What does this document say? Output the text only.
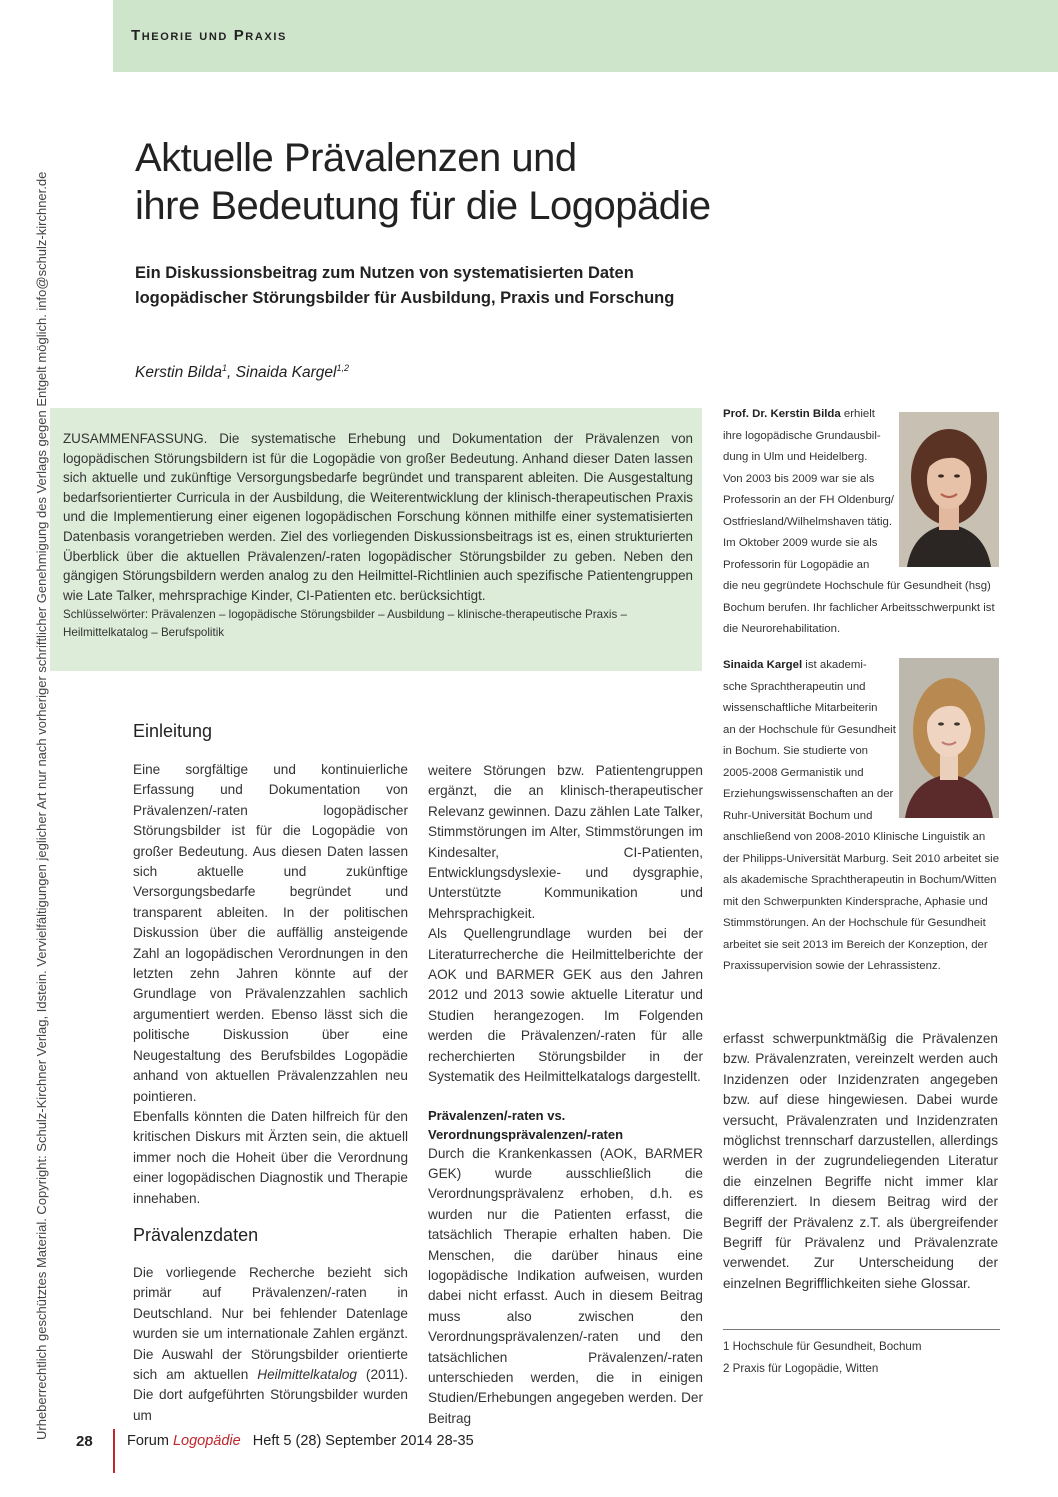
Theorie und Praxis
Urheberrechtlich geschütztes Material. Copyright: Schulz-Kirchner Verlag, Idstein. Vervielfältigungen jeglicher Art nur nach vorheriger schriftlicher Genehmigung des Verlags gegen Entgelt möglich. info@schulz-kirchner.de
Aktuelle Prävalenzen und
ihre Bedeutung für die Logopädie
Ein Diskussionsbeitrag zum Nutzen von systematisierten Daten
logopädischer Störungsbilder für Ausbildung, Praxis und Forschung
Kerstin Bilda$^1$, Sinaida Kargel$^{1,2}$

ZUSAMMENFASSUNG. Die systematische Erhebung und Dokumentation der Prävalenzen von logopädischen Störungsbildern ist für die Logopädie von großer Bedeutung. Anhand dieser Daten lassen sich aktuelle und zukünftige Versorgungsbedarfe begründet und transparent ableiten. Die Ausgestaltung bedarfsorientierter Curricula in der Ausbildung, die Weiterentwicklung der klinisch-therapeutischen Praxis und die Implementierung einer eigenen logopädischen Forschung können mithilfe einer systematisierten Datenbasis vorangetrieben werden. Ziel des vorliegenden Diskussionsbeitrags ist es, einen strukturierten Überblick über die aktuellen Prävalenzen/-raten logopädischer Störungsbilder zu geben. Neben den gängigen Störungsbildern werden analog zu den Heilmittel-Richtlinien auch spezifische Patientengruppen wie Late Talker, mehrsprachige Kinder, CI-Patienten etc. berücksichtigt.

Schlüsselwörter: Prävalenzen – logopädische Störungsbilder – Ausbildung – klinische-therapeutische Praxis – Heilmittelkatalog – Berufspolitik

Prof. Dr. Kerstin Bilda erhielt
ihre logopädische Grundausbil-
dung in Ulm und Heidelberg.
Von 2003 bis 2009 war sie als
Professorin an der FH Oldenburg/
Ostfriesland/Wilhelmshaven tätig.
Im Oktober 2009 wurde sie als
Professorin für Logopädie an
die neu gegründete Hochschule für Gesundheit (hsg)
Bochum berufen. Ihr fachlicher Arbeitsschwerpunkt ist
die Neurorehabilitation.
Sinaida Kargel ist akademi-
sche Sprachtherapeutin und
wissenschaftliche Mitarbeiterin
an der Hochschule für Gesundheit
in Bochum. Sie studierte von
2005-2008 Germanistik und
Erziehungswissenschaften an der
Ruhr-Universität Bochum und
anschließend von 2008-2010 Klinische Linguistik an
der Philipps-Universität Marburg. Seit 2010 arbeitet sie
als akademische Sprachtherapeutin in Bochum/Witten
mit den Schwerpunkten Kindersprache, Aphasie und
Stimmstörungen. An der Hochschule für Gesundheit
arbeitet sie seit 2013 im Bereich der Konzeption, der
Praxissupervision sowie der Lehrassistenz.
Einleitung

Eine sorgfältige und kontinuierliche Erfassung und Dokumentation von Prävalenzen/-raten logopädischer Störungsbilder ist für die Logopädie von großer Bedeutung. Aus diesen Daten lassen sich aktuelle und zukünftige Versorgungsbedarfe begründet und transparent ableiten. In der politischen Diskussion über die auffällig ansteigende Zahl an logopädischen Verordnungen in den letzten zehn Jahren könnte auf der Grundlage von Prävalenzzahlen sachlich argumentiert werden. Ebenso lässt sich die politische Diskussion über eine Neugestaltung des Berufsbildes Logopädie anhand von aktuellen Prävalenzzahlen neu pointieren.

Ebenfalls könnten die Daten hilfreich für den kritischen Diskurs mit Ärzten sein, die aktuell immer noch die Hoheit über die Verordnung einer logopädischen Diagnostik und Therapie innehaben.

Prävalenzdaten

Die vorliegende Recherche bezieht sich primär auf Prävalenzen/-raten in Deutschland. Nur bei fehlender Datenlage wurden sie um internationale Zahlen ergänzt. Die Auswahl der Störungsbilder orientierte sich am aktuellen Heilmittelkatalog (2011). Die dort aufgeführten Störungsbilder wurden um

weitere Störungen bzw. Patientengruppen ergänzt, die an klinisch-therapeutischer Relevanz gewinnen. Dazu zählen Late Talker, Stimmstörungen im Alter, Stimmstörungen im Kindesalter, CI-Patienten, Entwicklungsdyslexie- und dysgraphie, Unterstützte Kommunikation und Mehrsprachigkeit.

Als Quellengrundlage wurden bei der Literaturrecherche die Heilmittelberichte der AOK und BARMER GEK aus den Jahren 2012 und 2013 sowie aktuelle Literatur und Studien herangezogen. Im Folgenden werden die Prävalenzen/-raten für alle recherchierten Störungsbilder in der Systematik des Heilmittelkatalogs dargestellt.

Prävalenzen/-raten vs.
Verordnungsprävalenzen/-raten

Durch die Krankenkassen (AOK, BARMER GEK) wurde ausschließlich die Verordnungsprävalenz erhoben, d.h. es wurden nur die Patienten erfasst, die tatsächlich Therapie erhalten haben. Die Menschen, die darüber hinaus eine logopädische Indikation aufweisen, wurden dabei nicht erfasst. Auch in diesem Beitrag muss also zwischen den Verordnungsprävalenzen/-raten und den tatsächlichen Prävalenzen/-raten unterschieden werden, die in einigen Studien/Erhebungen angegeben werden. Der Beitrag

erfasst schwerpunktmäßig die Prävalenzen bzw. Prävalenzraten, vereinzelt werden auch Inzidenzen oder Inzidenzraten angegeben bzw. auf diese hingewiesen. Dabei wurde versucht, Prävalenzraten und Inzidenzraten möglichst trennscharf darzustellen, allerdings werden in der zugrundeliegenden Literatur die einzelnen Begriffe nicht immer klar differenziert. In diesem Beitrag wird der Begriff der Prävalenz z.T. als übergreifender Begriff für Prävalenz und Prävalenzrate verwendet. Zur Unterscheidung der einzelnen Begrifflichkeiten siehe Glossar.

1 Hochschule für Gesundheit, Bochum
2 Praxis für Logopädie, Witten
28 Forum Logopädie Heft 5 (28) September 2014 28-35
